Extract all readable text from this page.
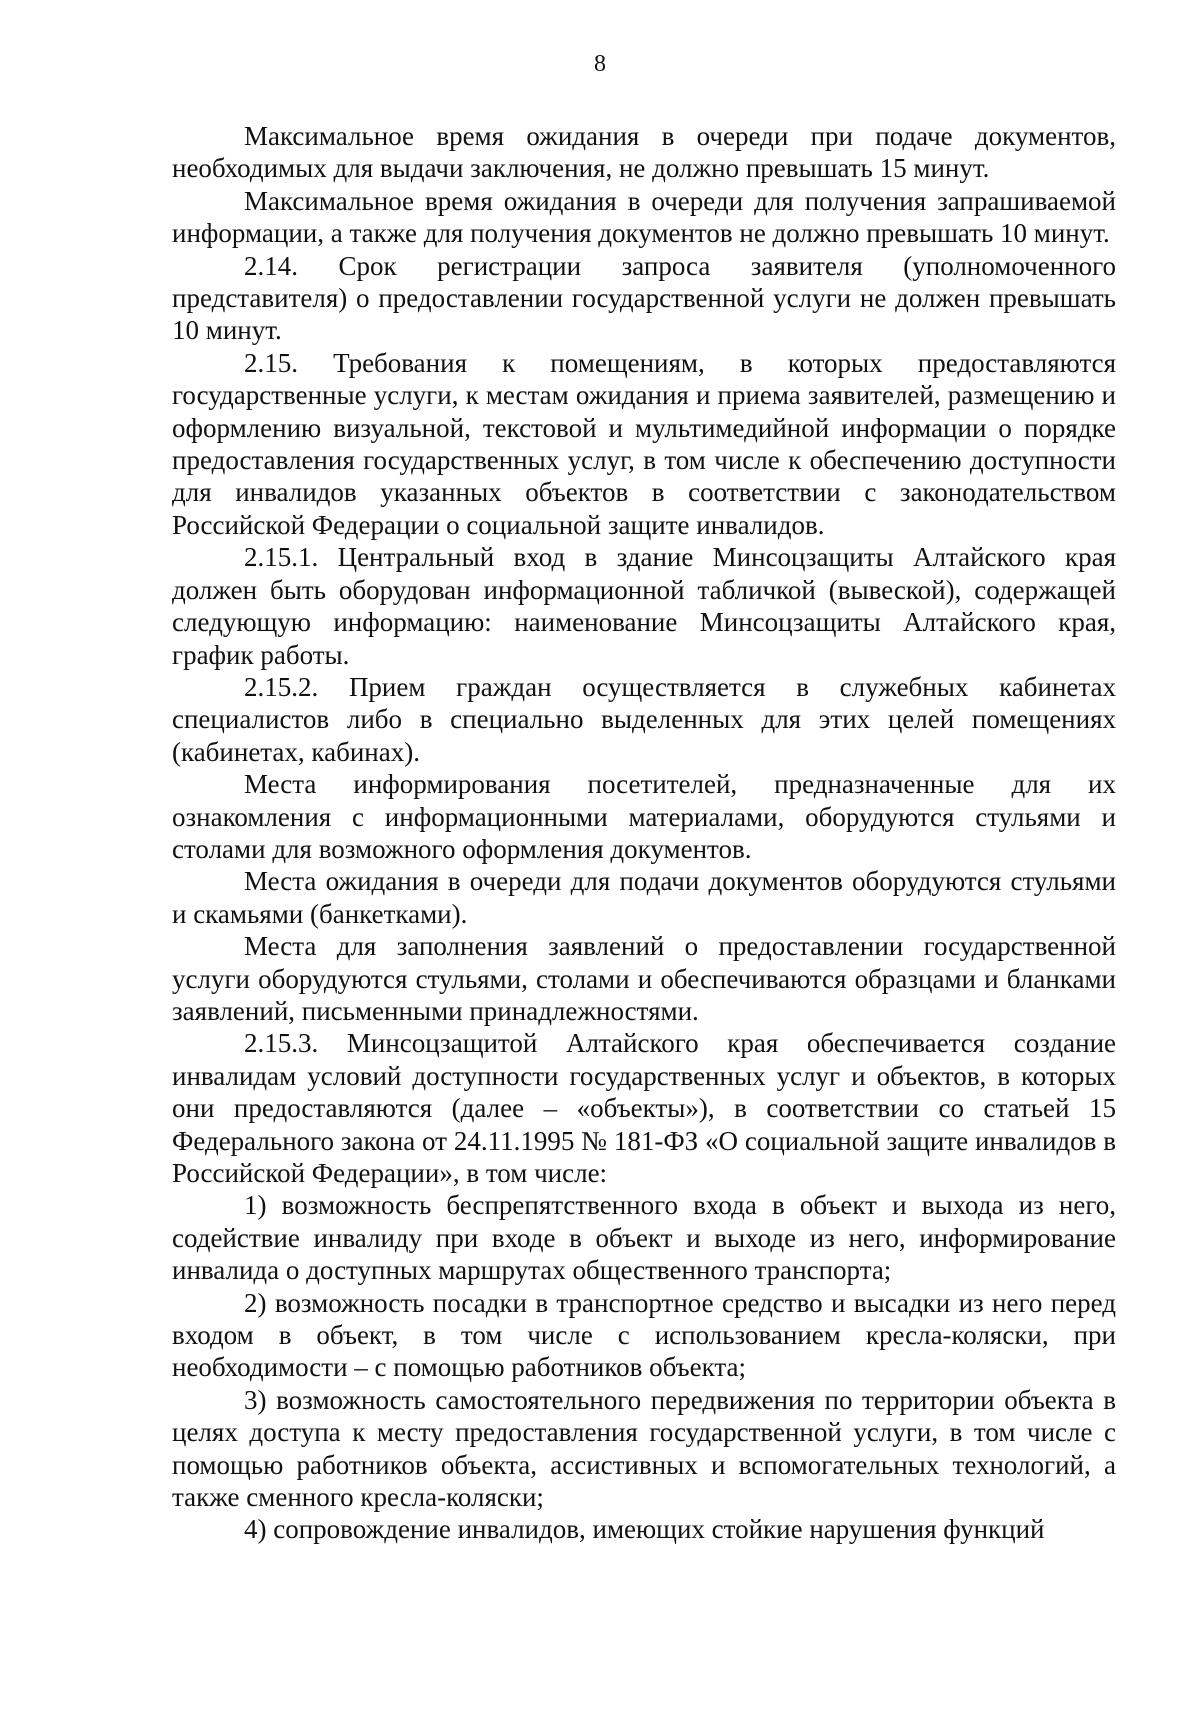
8

Максимальное время ожидания в очереди при подаче документов, необходимых для выдачи заключения, не должно превышать 15 минут.

Максимальное время ожидания в очереди для получения запрашиваемой информации, а также для получения документов не должно превышать 10 минут.

2.14. Срок регистрации запроса заявителя (уполномоченного представителя) о предоставлении государственной услуги не должен превышать 10 минут.

2.15. Требования к помещениям, в которых предоставляются государственные услуги, к местам ожидания и приема заявителей, размещению и оформлению визуальной, текстовой и мультимедийной информации о порядке предоставления государственных услуг, в том числе к обеспечению доступности для инвалидов указанных объектов в соответствии с законодательством Российской Федерации о социальной защите инвалидов.

2.15.1. Центральный вход в здание Минсоцзащиты Алтайского края должен быть оборудован информационной табличкой (вывеской), содержащей следующую информацию: наименование Минсоцзащиты Алтайского края, график работы.

2.15.2. Прием граждан осуществляется в служебных кабинетах специалистов либо в специально выделенных для этих целей помещениях (кабинетах, кабинах).

Места информирования посетителей, предназначенные для их ознакомления с информационными материалами, оборудуются стульями и столами для возможного оформления документов.

Места ожидания в очереди для подачи документов оборудуются стульями и скамьями (банкетками).

Места для заполнения заявлений о предоставлении государственной услуги оборудуются стульями, столами и обеспечиваются образцами и бланками заявлений, письменными принадлежностями.

2.15.3. Минсоцзащитой Алтайского края обеспечивается создание инвалидам условий доступности государственных услуг и объектов, в которых они предоставляются (далее – «объекты»), в соответствии со статьей 15 Федерального закона от 24.11.1995 № 181-ФЗ «О социальной защите инвалидов в Российской Федерации», в том числе:

1) возможность беспрепятственного входа в объект и выхода из него, содействие инвалиду при входе в объект и выходе из него, информирование инвалида о доступных маршрутах общественного транспорта;

2) возможность посадки в транспортное средство и высадки из него перед входом в объект, в том числе с использованием кресла-коляски, при необходимости – с помощью работников объекта;

3) возможность самостоятельного передвижения по территории объекта в целях доступа к месту предоставления государственной услуги, в том числе с помощью работников объекта, ассистивных и вспомогательных технологий, а также сменного кресла-коляски;

4) сопровождение инвалидов, имеющих стойкие нарушения функций
